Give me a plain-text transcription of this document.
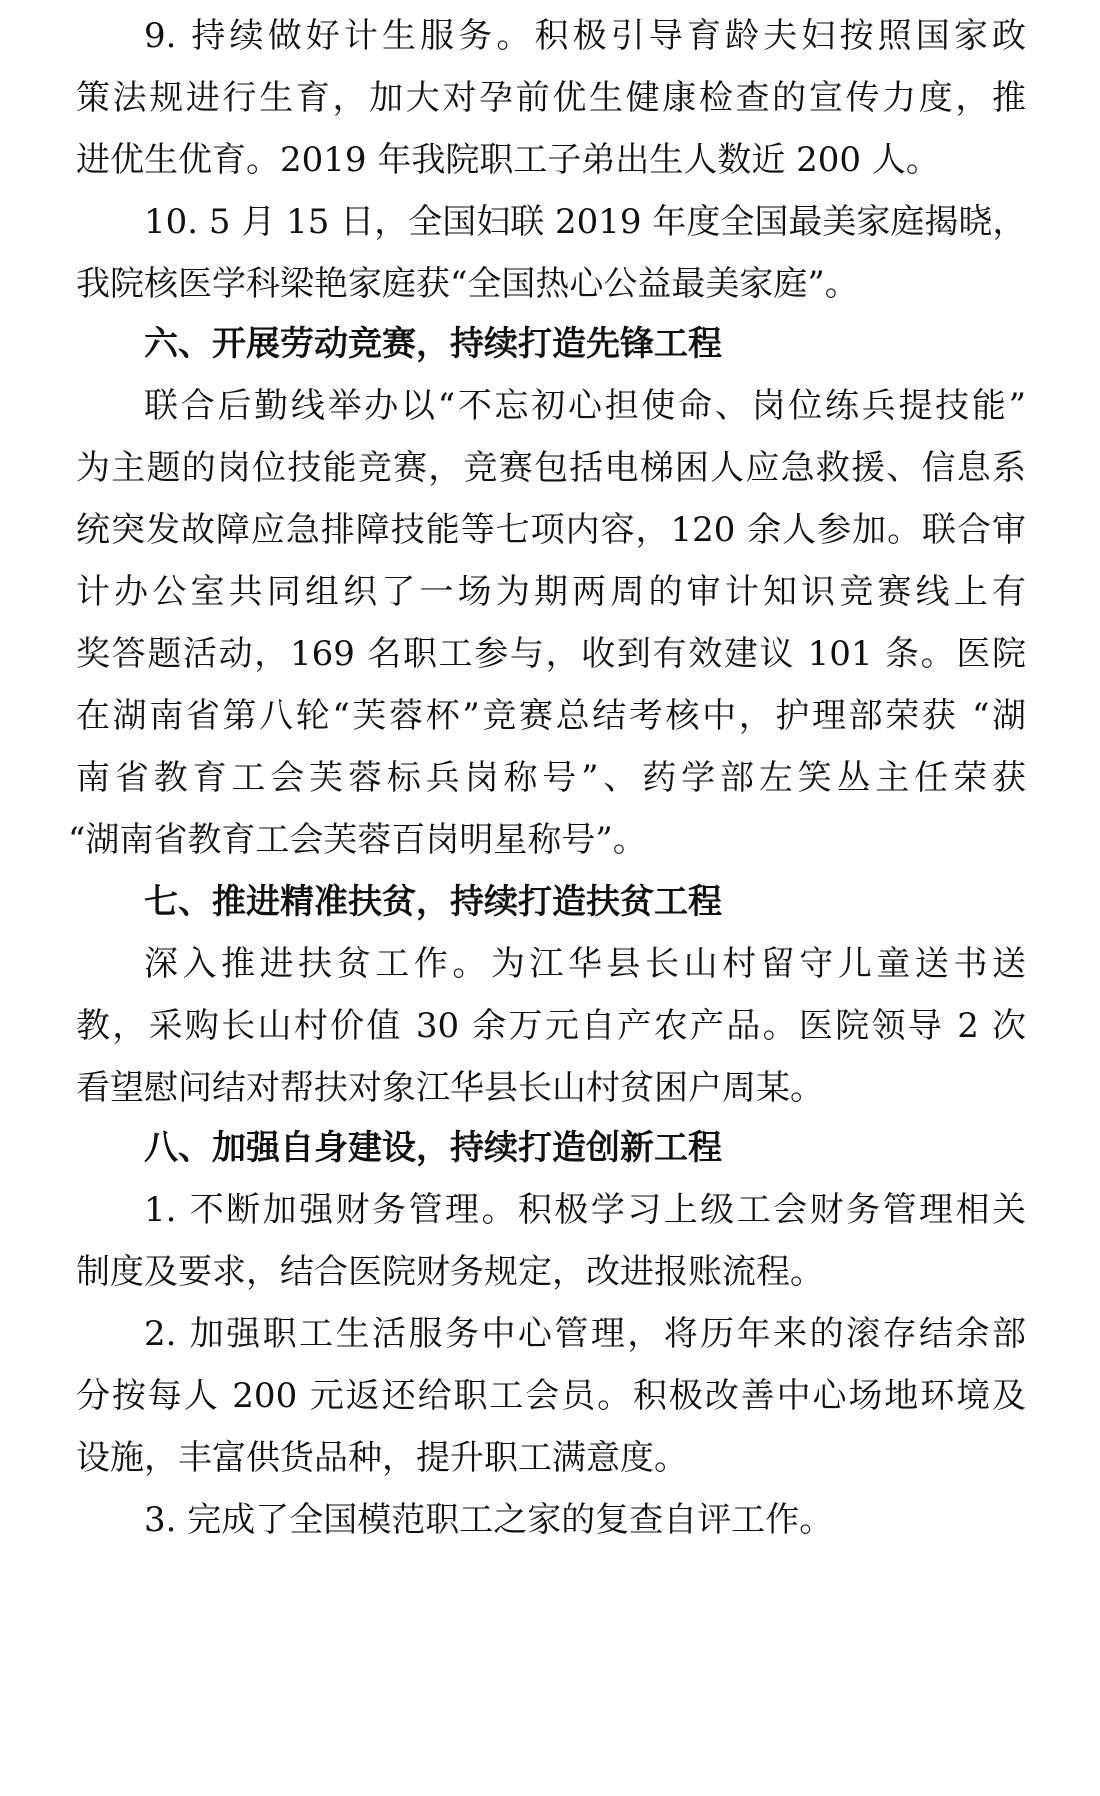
9. 持续做好计生服务。积极引导育龄夫妇按照国家政
策法规进行生育，加大对孕前优生健康检查的宣传力度，推
进优生优育。2019 年我院职工子弟出生人数近 200 人。
10. 5 月 15 日，全国妇联 2019 年度全国最美家庭揭晓，
我院核医学科梁艳家庭获“全国热心公益最美家庭”。
六、开展劳动竞赛，持续打造先锋工程
联合后勤线举办以“不忘初心担使命、岗位练兵提技能”
为主题的岗位技能竞赛，竞赛包括电梯困人应急救援、信息系
统突发故障应急排障技能等七项内容，120 余人参加。联合审
计办公室共同组织了一场为期两周的审计知识竞赛线上有
奖答题活动，169 名职工参与，收到有效建议 101 条。医院
在湖南省第八轮“芙蓉杯”竞赛总结考核中，护理部荣获 “湖
南省教育工会芙蓉标兵岗称号”、药学部左笑丛主任荣获
“湖南省教育工会芙蓉百岗明星称号”。
七、推进精准扶贫，持续打造扶贫工程
深入推进扶贫工作。为江华县长山村留守儿童送书送
教，采购长山村价值 30 余万元自产农产品。医院领导 2 次
看望慰问结对帮扶对象江华县长山村贫困户周某。
八、加强自身建设，持续打造创新工程
1. 不断加强财务管理。积极学习上级工会财务管理相关
制度及要求，结合医院财务规定，改进报账流程。
2. 加强职工生活服务中心管理，将历年来的滚存结余部
分按每人 200 元返还给职工会员。积极改善中心场地环境及
设施，丰富供货品种，提升职工满意度。
3. 完成了全国模范职工之家的复查自评工作。
